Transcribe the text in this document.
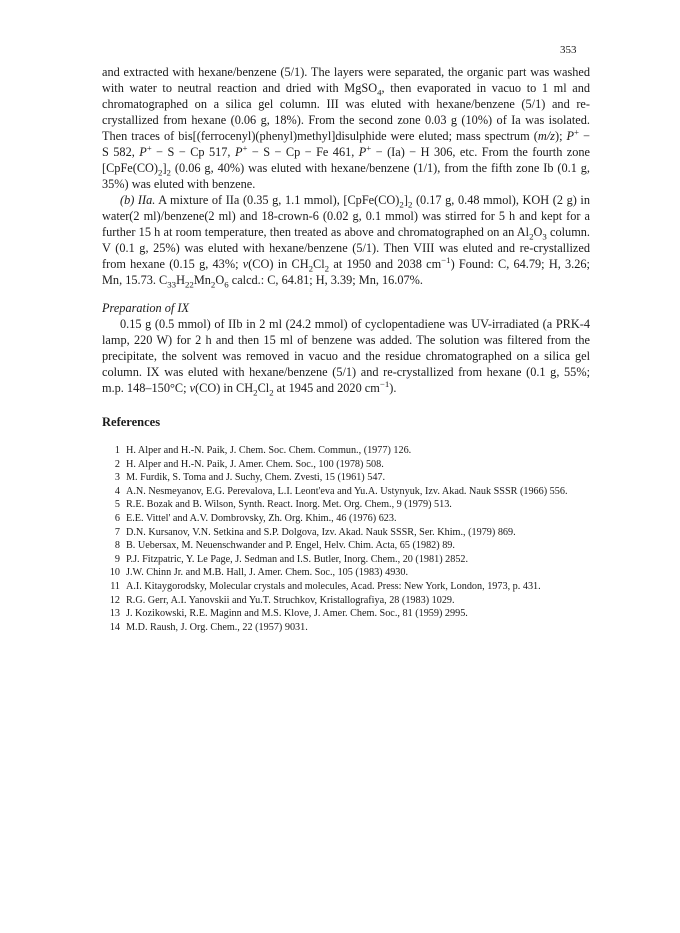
353

and extracted with hexane/benzene (5/1). The layers were separated, the organic part was washed with water to neutral reaction and dried with MgSO$_4$, then evaporated in vacuo to 1 ml and chromatographed on a silica gel column. III was eluted with hexane/benzene (5/1) and re-crystallized from hexane (0.06 g, 18%). From the second zone 0.03 g (10%) of Ia was isolated. Then traces of bis[(ferrocenyl)(phenyl)methyl]disulphide were eluted; mass spectrum (m/z); P+ − S 582, P+ − S − Cp 517, P+ − S − Cp − Fe 461, P+ − (Ia) − H 306, etc. From the fourth zone $[CpFe(CO)_2]_2$ (0.06 g, 40%) was eluted with hexane/benzene (1/1), from the fifth zone Ib (0.1 g, 35%) was eluted with benzene.

(b) IIa. A mixture of IIa (0.35 g, 1.1 mmol), $[CpFe(CO)_2]_2$ (0.17 g, 0.48 mmol), KOH (2 g) in water(2 ml)/benzene(2 ml) and 18-crown-6 (0.02 g, 0.1 mmol) was stirred for 5 h and kept for a further 15 h at room temperature, then treated as above and chromatographed on an $Al_2O_3$ column. V (0.1 g, 25%) was eluted with hexane/benzene (5/1). Then VIII was eluted and re-crystallized from hexane (0.15 g, 43%; ν(CO) in $CH_2Cl_2$ at 1950 and 2038 $cm^{-1}$) Found: C, 64.79; H, 3.26; Mn, 15.73. $C_{33}H_{22}Mn_2O_6$ calcd.: C, 64.81; H, 3.39; Mn, 16.07%.

Preparation of IX

0.15 g (0.5 mmol) of IIb in 2 ml (24.2 mmol) of cyclopentadiene was UV-irradiated (a PRK-4 lamp, 220 W) for 2 h and then 15 ml of benzene was added. The solution was filtered from the precipitate, the solvent was removed in vacuo and the residue chromatographed on a silica gel column. IX was eluted with hexane/benzene (5/1) and re-crystallized from hexane (0.1 g, 55%; m.p. 148–150°C; ν(CO) in $CH_2Cl_2$ at 1945 and 2020 $cm^{-1}$).

References

1 H. Alper and H.-N. Paik, J. Chem. Soc. Chem. Commun., (1977) 126.
2 H. Alper and H.-N. Paik, J. Amer. Chem. Soc., 100 (1978) 508.
3 M. Furdik, S. Toma and J. Suchy, Chem. Zvesti, 15 (1961) 547.
4 A.N. Nesmeyanov, E.G. Perevalova, L.I. Leont'eva and Yu.A. Ustynyuk, Izv. Akad. Nauk SSSR (1966) 556.
5 R.E. Bozak and B. Wilson, Synth. React. Inorg. Met. Org. Chem., 9 (1979) 513.
6 E.E. Vittel' and A.V. Dombrovsky, Zh. Org. Khim., 46 (1976) 623.
7 D.N. Kursanov, V.N. Setkina and S.P. Dolgova, Izv. Akad. Nauk SSSR, Ser. Khim., (1979) 869.
8 B. Uebersax, M. Neuenschwander and P. Engel, Helv. Chim. Acta, 65 (1982) 89.
9 P.J. Fitzpatric, Y. Le Page, J. Sedman and I.S. Butler, Inorg. Chem., 20 (1981) 2852.
10 J.W. Chinn Jr. and M.B. Hall, J. Amer. Chem. Soc., 105 (1983) 4930.
11 A.I. Kitaygorodsky, Molecular crystals and molecules, Acad. Press: New York, London, 1973, p. 431.
12 R.G. Gerr, A.I. Yanovskii and Yu.T. Struchkov, Kristallografiya, 28 (1983) 1029.
13 J. Kozikowski, R.E. Maginn and M.S. Klove, J. Amer. Chem. Soc., 81 (1959) 2995.
14 M.D. Raush, J. Org. Chem., 22 (1957) 9031.
